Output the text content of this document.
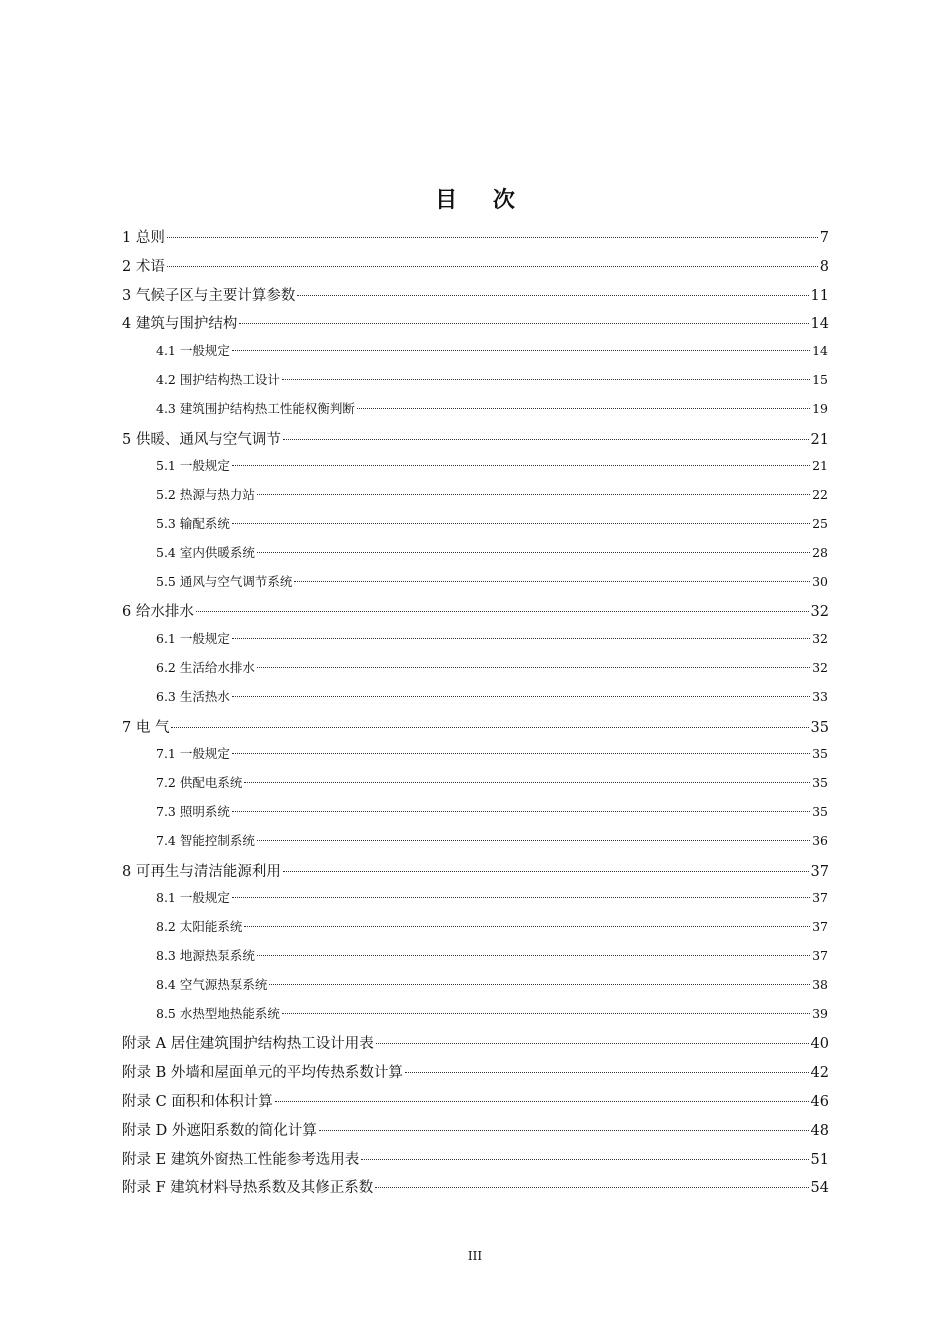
目 次
1 总则	7
2 术语	8
3 气候子区与主要计算参数	11
4 建筑与围护结构	14
4.1 一般规定	14
4.2 围护结构热工设计	15
4.3 建筑围护结构热工性能权衡判断	19
5 供暖、通风与空气调节	21
5.1 一般规定	21
5.2 热源与热力站	22
5.3 输配系统	25
5.4 室内供暖系统	28
5.5 通风与空气调节系统	30
6 给水排水	32
6.1 一般规定	32
6.2 生活给水排水	32
6.3 生活热水	33
7 电 气	35
7.1 一般规定	35
7.2 供配电系统	35
7.3 照明系统	35
7.4 智能控制系统	36
8 可再生与清洁能源利用	37
8.1 一般规定	37
8.2 太阳能系统	37
8.3 地源热泵系统	37
8.4 空气源热泵系统	38
8.5 水热型地热能系统	39
附录 A 居住建筑围护结构热工设计用表	40
附录 B 外墙和屋面单元的平均传热系数计算	42
附录 C 面积和体积计算	46
附录 D 外遮阳系数的简化计算	48
附录 E 建筑外窗热工性能参考选用表	51
附录 F 建筑材料导热系数及其修正系数	54
III
